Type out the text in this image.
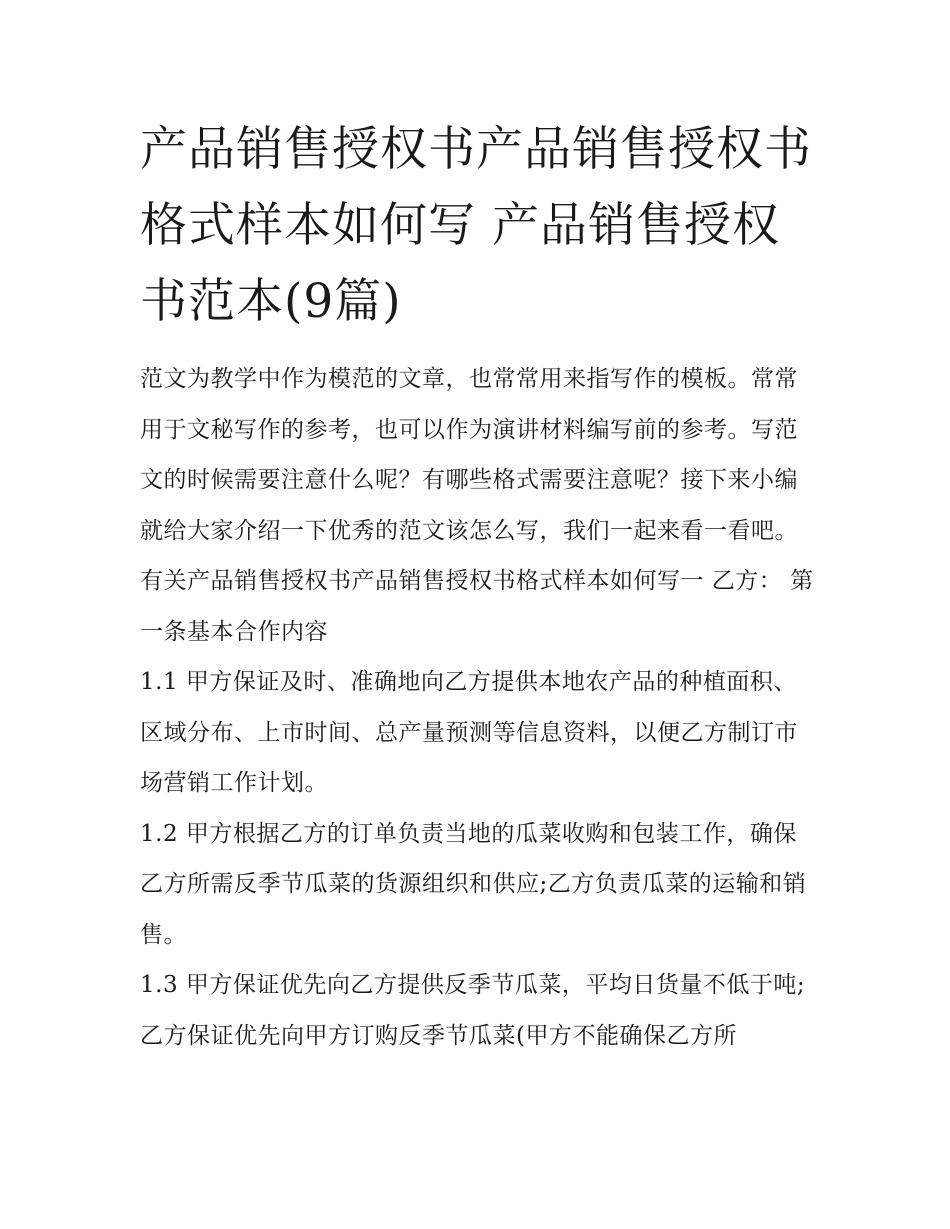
产品销售授权书产品销售授权书格式样本如何写 产品销售授权书范本(9篇)

范文为教学中作为模范的文章，也常常用来指写作的模板。常常用于文秘写作的参考，也可以作为演讲材料编写前的参考。写范文的时候需要注意什么呢？有哪些格式需要注意呢？接下来小编就给大家介绍一下优秀的范文该怎么写，我们一起来看一看吧。

有关产品销售授权书产品销售授权书格式样本如何写一 乙方： 第一条基本合作内容

1.1 甲方保证及时、准确地向乙方提供本地农产品的种植面积、区域分布、上市时间、总产量预测等信息资料，以便乙方制订市场营销工作计划。

1.2 甲方根据乙方的订单负责当地的瓜菜收购和包装工作，确保乙方所需反季节瓜菜的货源组织和供应;乙方负责瓜菜的运输和销售。

1.3 甲方保证优先向乙方提供反季节瓜菜，平均日货量不低于吨;乙方保证优先向甲方订购反季节瓜菜(甲方不能确保乙方所
